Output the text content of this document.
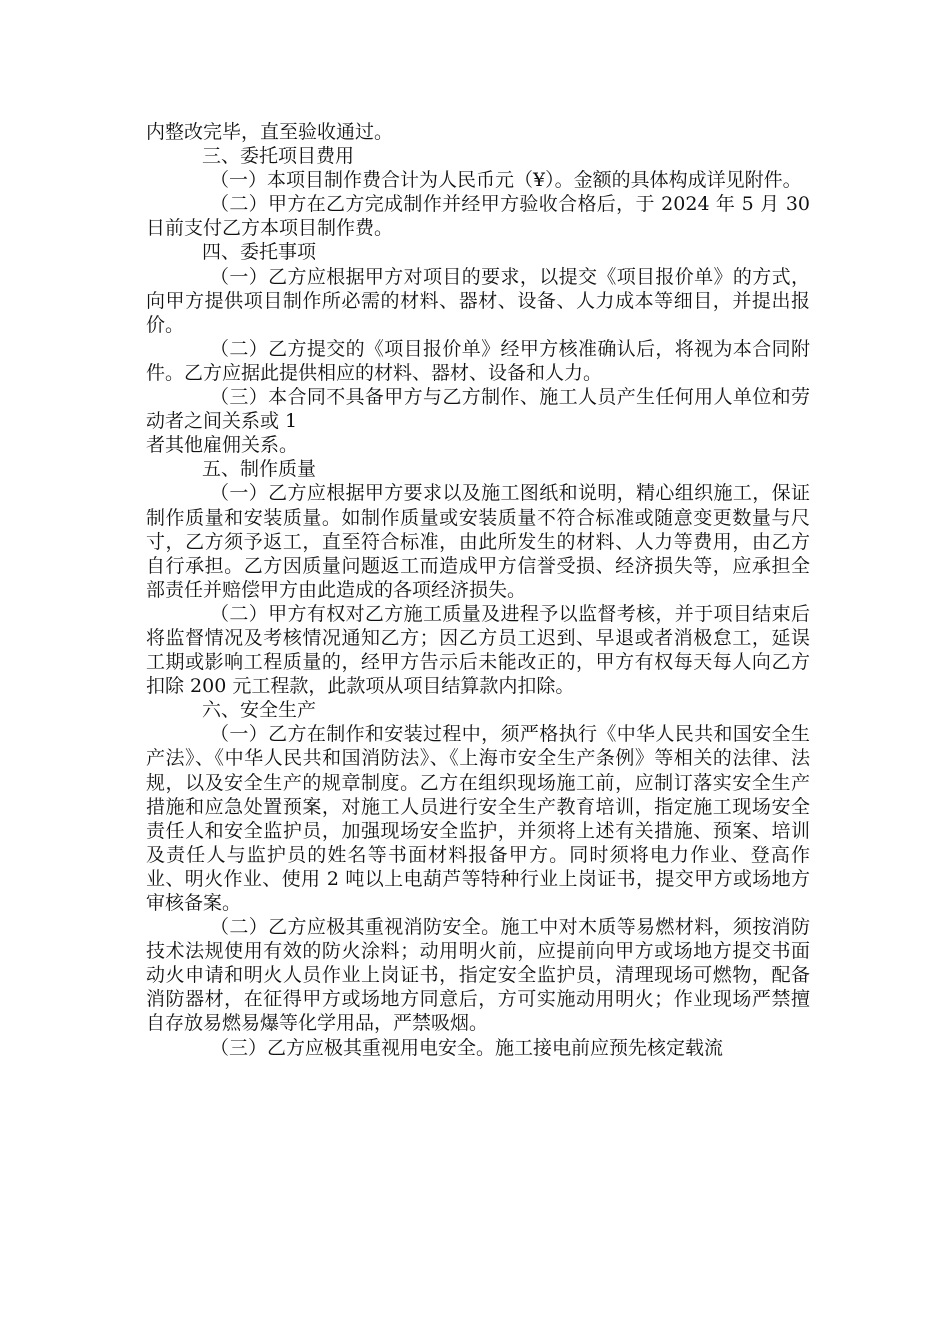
内整改完毕，直至验收通过。

三、委托项目费用

（一）本项目制作费合计为人民币元（¥）。金额的具体构成详见附件。

（二）甲方在乙方完成制作并经甲方验收合格后，于 2024 年 5 月 30 日前支付乙方本项目制作费。

四、委托事项

（一）乙方应根据甲方对项目的要求，以提交《项目报价单》的方式，向甲方提供项目制作所必需的材料、器材、设备、人力成本等细目，并提出报价。

（二）乙方提交的《项目报价单》经甲方核准确认后，将视为本合同附件。乙方应据此提供相应的材料、器材、设备和人力。

（三）本合同不具备甲方与乙方制作、施工人员产生任何用人单位和劳动者之间关系或 1

者其他雇佣关系。

五、制作质量

（一）乙方应根据甲方要求以及施工图纸和说明，精心组织施工，保证制作质量和安装质量。如制作质量或安装质量不符合标准或随意变更数量与尺寸，乙方须予返工，直至符合标准，由此所发生的材料、人力等费用，由乙方自行承担。乙方因质量问题返工而造成甲方信誉受损、经济损失等，应承担全部责任并赔偿甲方由此造成的各项经济损失。

（二）甲方有权对乙方施工质量及进程予以监督考核，并于项目结束后将监督情况及考核情况通知乙方；因乙方员工迟到、早退或者消极怠工，延误工期或影响工程质量的，经甲方告示后未能改正的，甲方有权每天每人向乙方扣除 200 元工程款，此款项从项目结算款内扣除。

六、安全生产

（一）乙方在制作和安装过程中，须严格执行《中华人民共和国安全生产法》、《中华人民共和国消防法》、《上海市安全生产条例》等相关的法律、法规，以及安全生产的规章制度。乙方在组织现场施工前，应制订落实安全生产措施和应急处置预案，对施工人员进行安全生产教育培训，指定施工现场安全责任人和安全监护员，加强现场安全监护，并须将上述有关措施、预案、培训及责任人与监护员的姓名等书面材料报备甲方。同时须将电力作业、登高作业、明火作业、使用 2 吨以上电葫芦等特种行业上岗证书，提交甲方或场地方审核备案。

（二）乙方应极其重视消防安全。施工中对木质等易燃材料，须按消防技术法规使用有效的防火涂料；动用明火前，应提前向甲方或场地方提交书面动火申请和明火人员作业上岗证书，指定安全监护员，清理现场可燃物，配备消防器材，在征得甲方或场地方同意后，方可实施动用明火；作业现场严禁擅自存放易燃易爆等化学用品，严禁吸烟。

（三）乙方应极其重视用电安全。施工接电前应预先核定载流
